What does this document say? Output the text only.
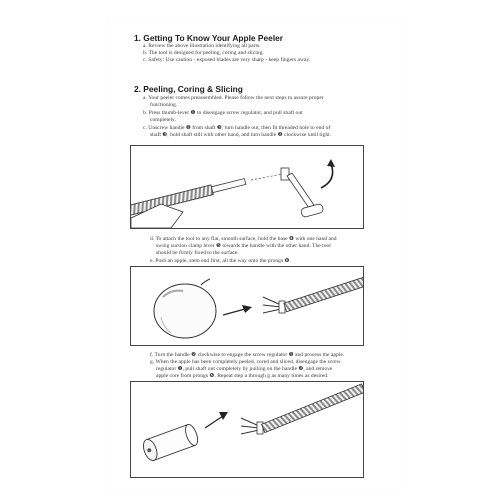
1. Getting To Know Your Apple Peeler
a. Review the above illustration identifying all parts.
b. The tool is designed for peeling, coring and slicing.
c. Safety: Use caution - exposed blades are very sharp - keep fingers away.
2. Peeling, Coring & Slicing
a. Your peeler comes preassembled. Please follow the next steps to assure proper
functioning.
b. Press thumb-lever ❶ to disengage screw regulator, and pull shaft out
completely.
c. Unscrew handle ❷ from shaft ❸, turn handle out, then fit threaded hole to end of
shaft ❸, hold shaft still with other hand, and turn handle ❷ clockwise until tight.
d. To attach the tool to any flat, smooth surface, hold the base ❹ with one hand and
swing suction clamp lever ❺ towards the handle with the other hand. The tool
should be firmly fixed to the surface.
e. Push an apple, stem end first, all the way onto the prongs ❻.
f. Turn the handle ❷ clockwise to engage the screw regulator ❶ and process the apple.
g. When the apple has been completely peeled, cored and sliced, disengage the screw
regulator ❶, pull shaft out completely by pulling on the handle ❷, and remove
apple core from prongs ❻. Repeat step a through g as many times as desired.
